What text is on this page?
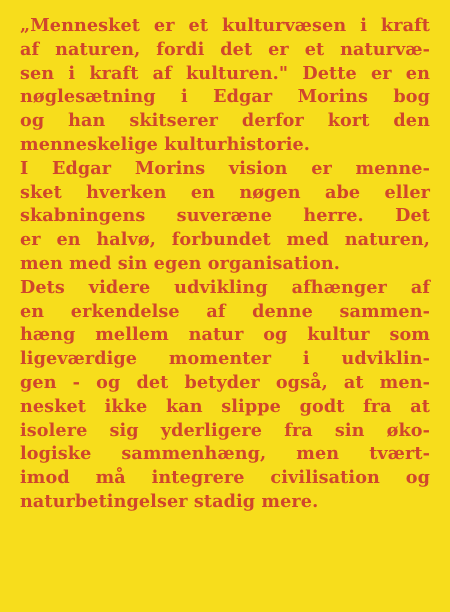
„Mennesket er et kulturvæsen i kraft
af naturen, fordi det er et naturvæ-
sen i kraft af kulturen." Dette er en
nøglesætning i Edgar Morins bog
og han skitserer derfor kort den
menneskelige kulturhistorie.
I Edgar Morins vision er menne-
sket hverken en nøgen abe eller
skabningens suveræne herre. Det
er en halvø, forbundet med naturen,
men med sin egen organisation.
Dets videre udvikling afhænger af
en erkendelse af denne sammen-
hæng mellem natur og kultur som
ligeværdige momenter i udviklin-
gen - og det betyder også, at men-
nesket ikke kan slippe godt fra at
isolere sig yderligere fra sin øko-
logiske sammenhæng, men tvært-
imod må integrere civilisation og
naturbetingelser stadig mere.
